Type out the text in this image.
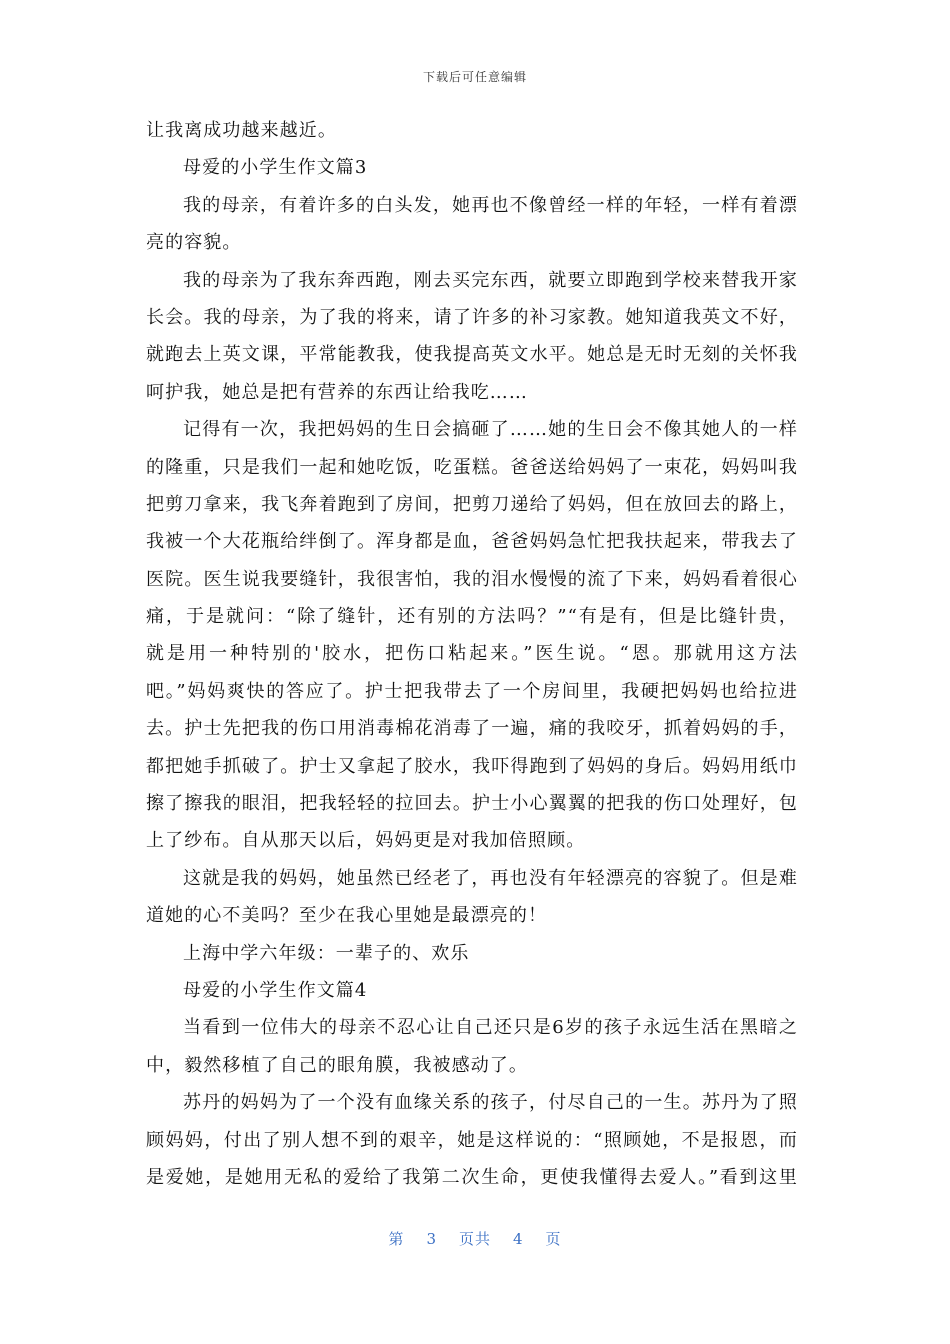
下载后可任意编辑
让我离成功越来越近。
母爱的小学生作文篇3
我的母亲，有着许多的白头发，她再也不像曾经一样的年轻，一样有着漂
亮的容貌。
我的母亲为了我东奔西跑，刚去买完东西，就要立即跑到学校来替我开家
长会。我的母亲，为了我的将来，请了许多的补习家教。她知道我英文不好，
就跑去上英文课，平常能教我，使我提高英文水平。她总是无时无刻的关怀我
呵护我，她总是把有营养的东西让给我吃……
记得有一次，我把妈妈的生日会搞砸了……她的生日会不像其她人的一样
的隆重，只是我们一起和她吃饭，吃蛋糕。爸爸送给妈妈了一束花，妈妈叫我
把剪刀拿来，我飞奔着跑到了房间，把剪刀递给了妈妈，但在放回去的路上，
我被一个大花瓶给绊倒了。浑身都是血，爸爸妈妈急忙把我扶起来，带我去了
医院。医生说我要缝针，我很害怕，我的泪水慢慢的流了下来，妈妈看着很心
痛，于是就问：“除了缝针，还有别的方法吗？”“有是有，但是比缝针贵，
就是用一种特别的'胶水，把伤口粘起来。”医生说。“恩。那就用这方法
吧。”妈妈爽快的答应了。护士把我带去了一个房间里，我硬把妈妈也给拉进
去。护士先把我的伤口用消毒棉花消毒了一遍，痛的我咬牙，抓着妈妈的手，
都把她手抓破了。护士又拿起了胶水，我吓得跑到了妈妈的身后。妈妈用纸巾
擦了擦我的眼泪，把我轻轻的拉回去。护士小心翼翼的把我的伤口处理好，包
上了纱布。自从那天以后，妈妈更是对我加倍照顾。
这就是我的妈妈，她虽然已经老了，再也没有年轻漂亮的容貌了。但是难
道她的心不美吗？至少在我心里她是最漂亮的！
上海中学六年级：一辈子的、欢乐
母爱的小学生作文篇4
当看到一位伟大的母亲不忍心让自己还只是6岁的孩子永远生活在黑暗之
中，毅然移植了自己的眼角膜，我被感动了。
苏丹的妈妈为了一个没有血缘关系的孩子，付尽自己的一生。苏丹为了照
顾妈妈，付出了别人想不到的艰辛，她是这样说的：“照顾她，不是报恩，而
是爱她，是她用无私的爱给了我第二次生命，更使我懂得去爱人。”看到这里
第 3 页共 4 页
